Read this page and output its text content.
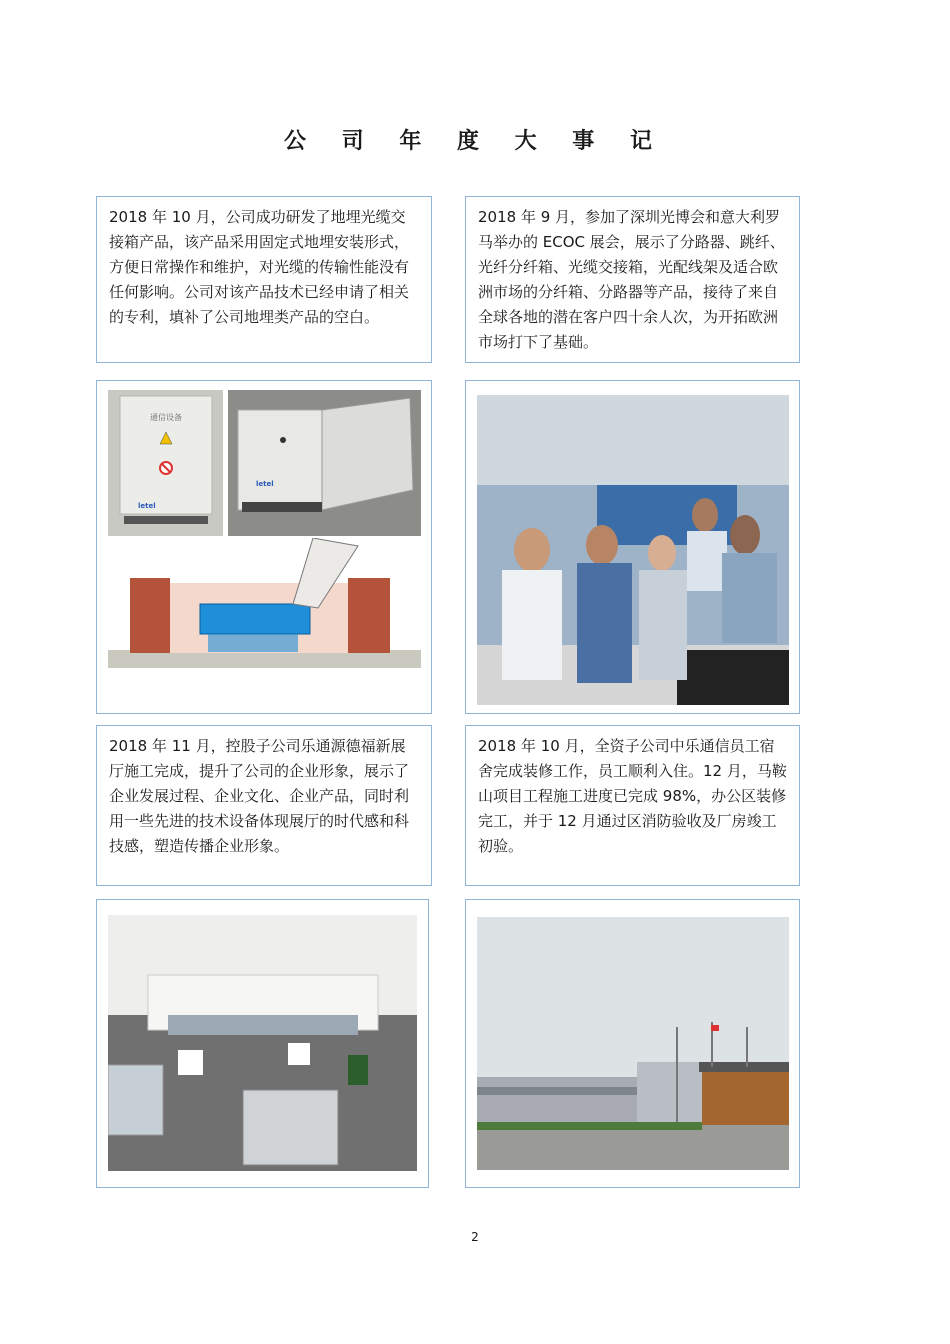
公 司 年 度 大 事 记
2018 年 10 月，公司成功研发了地埋光缆交接箱产品，该产品采用固定式地埋安装形式，方便日常操作和维护，对光缆的传输性能没有任何影响。公司对该产品技术已经申请了相关的专利，填补了公司地埋类产品的空白。
2018 年 9 月，参加了深圳光博会和意大利罗马举办的 ECOC 展会，展示了分路器、跳纤、光纤分纤箱、光缆交接箱，光配线架及适合欧洲市场的分纤箱、分路器等产品，接待了来自全球各地的潜在客户四十余人次，为开拓欧洲市场打下了基础。
2018 年 11 月，控股子公司乐通源德福新展厅施工完成，提升了公司的企业形象，展示了企业发展过程、企业文化、企业产品，同时利用一些先进的技术设备体现展厅的时代感和科技感，塑造传播企业形象。
2018 年 10 月，全资子公司中乐通信员工宿舍完成装修工作，员工顺利入住。12 月，马鞍山项目工程施工进度已完成 98%，办公区装修完工，并于 12 月通过区消防验收及厂房竣工初验。
通信设备
letel
letel
2
